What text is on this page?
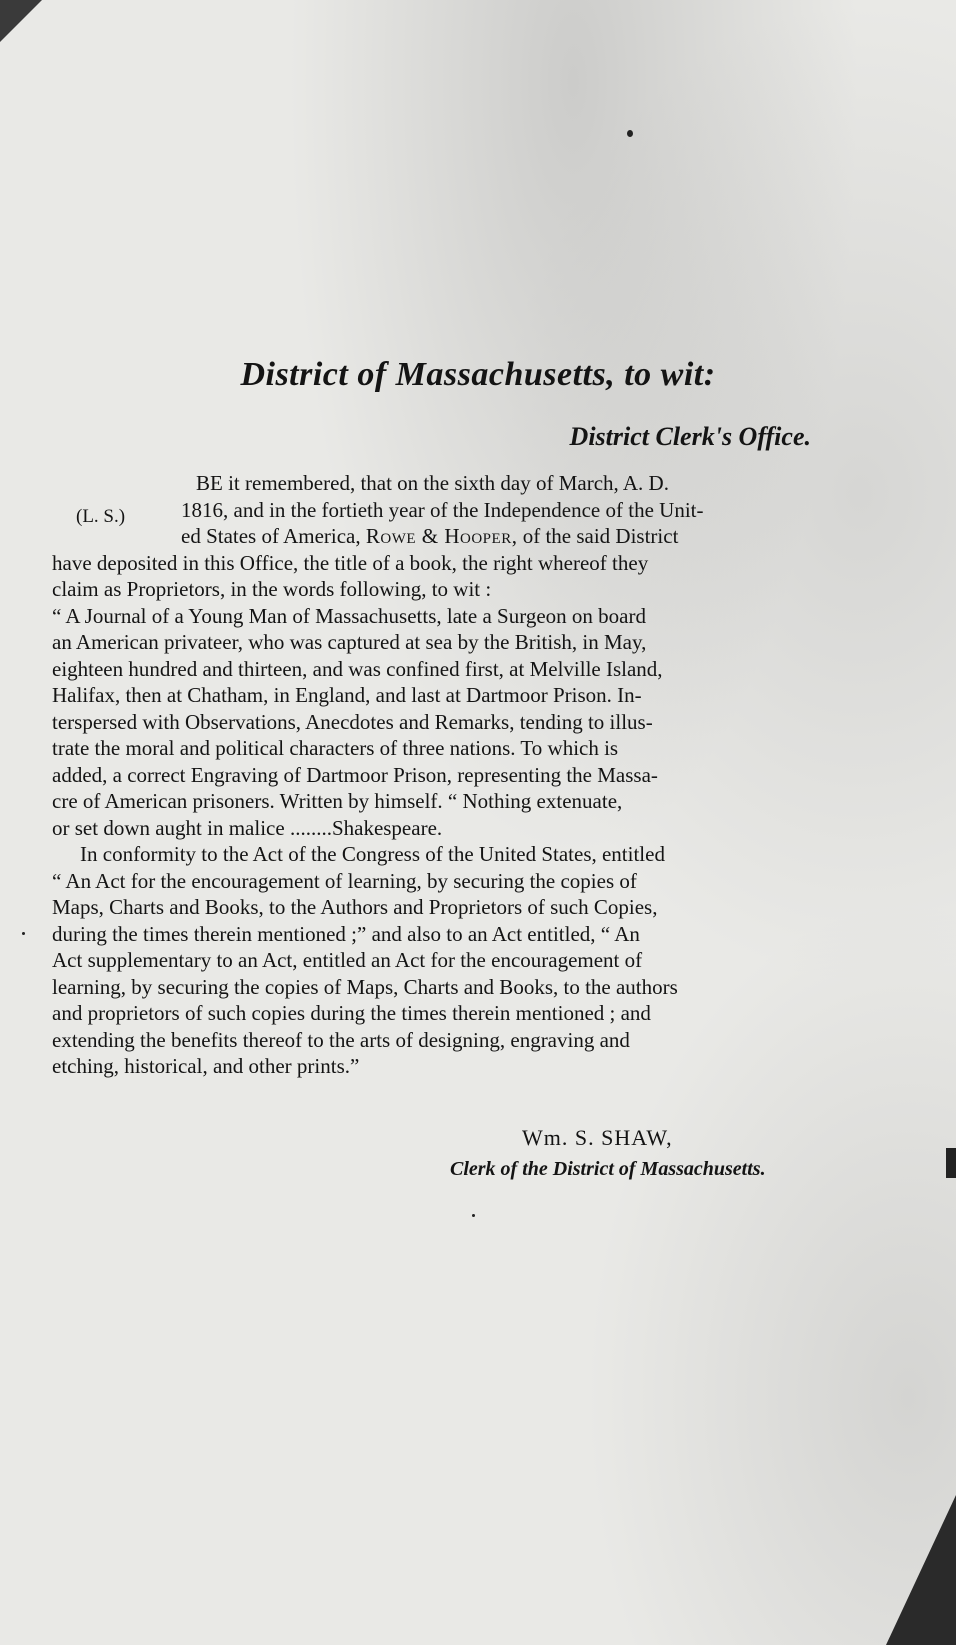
District of Massachusetts, to wit:
District Clerk's Office.
(L. S.)
BE it remembered, that on the sixth day of March, A. D.
1816, and in the fortieth year of the Independence of the Unit-
ed States of America, Rowe & Hooper, of the said District
have deposited in this Office, the title of a book, the right whereof they
claim as Proprietors, in the words following, to wit :
“ A Journal of a Young Man of Massachusetts, late a Surgeon on board
an American privateer, who was captured at sea by the British, in May,
eighteen hundred and thirteen, and was confined first, at Melville Island,
Halifax, then at Chatham, in England, and last at Dartmoor Prison. In-
terspersed with Observations, Anecdotes and Remarks, tending to illus-
trate the moral and political characters of three nations. To which is
added, a correct Engraving of Dartmoor Prison, representing the Massa-
cre of American prisoners. Written by himself. “ Nothing extenuate,
or set down aught in malice ........Shakespeare.
In conformity to the Act of the Congress of the United States, entitled
“ An Act for the encouragement of learning, by securing the copies of
Maps, Charts and Books, to the Authors and Proprietors of such Copies,
during the times therein mentioned ;” and also to an Act entitled, “ An
Act supplementary to an Act, entitled an Act for the encouragement of
learning, by securing the copies of Maps, Charts and Books, to the authors
and proprietors of such copies during the times therein mentioned ; and
extending the benefits thereof to the arts of designing, engraving and
etching, historical, and other prints.”
Wm. S. SHAW,
Clerk of the District of Massachusetts.
